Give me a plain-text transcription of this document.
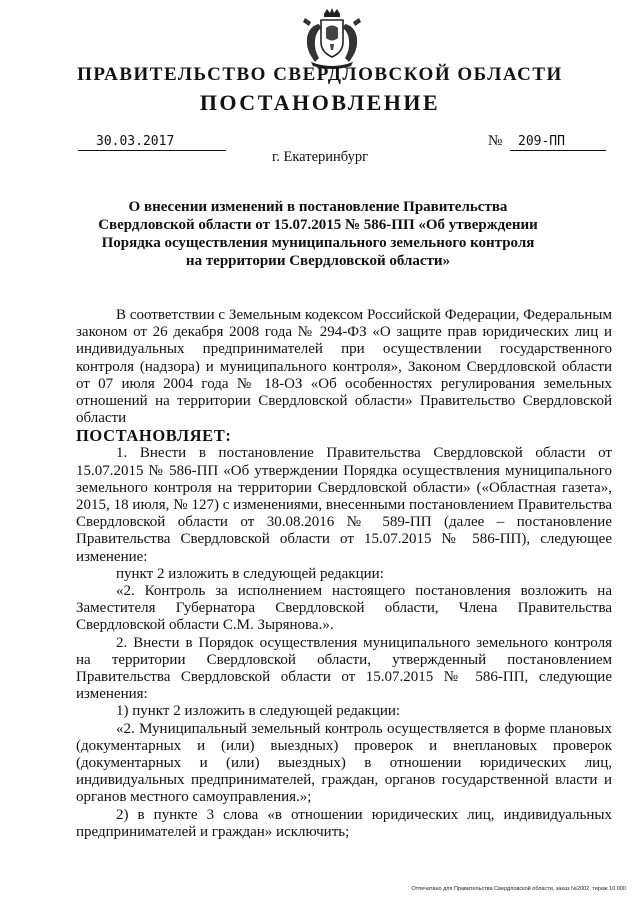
ПРАВИТЕЛЬСТВО СВЕРДЛОВСКОЙ ОБЛАСТИ
ПОСТАНОВЛЕНИЕ
30.03.2017	№	209-ПП
г. Екатеринбург
О внесении изменений в постановление Правительства Свердловской области от 15.07.2015 № 586-ПП «Об утверждении Порядка осуществления муниципального земельного контроля на территории Свердловской области»

В соответствии с Земельным кодексом Российской Федерации, Федеральным законом от 26 декабря 2008 года № 294-ФЗ «О защите прав юридических лиц и индивидуальных предпринимателей при осуществлении государственного контроля (надзора) и муниципального контроля», Законом Свердловской области от 07 июля 2004 года № 18-ОЗ «Об особенностях регулирования земельных отношений на территории Свердловской области» Правительство Свердловской области

ПОСТАНОВЛЯЕТ:

1. Внести в постановление Правительства Свердловской области от 15.07.2015 № 586-ПП «Об утверждении Порядка осуществления муниципального земельного контроля на территории Свердловской области» («Областная газета», 2015, 18 июля, № 127) с изменениями, внесенными постановлением Правительства Свердловской области от 30.08.2016 № 589-ПП (далее – постановление Правительства Свердловской области от 15.07.2015 № 586-ПП), следующее изменение:

пункт 2 изложить в следующей редакции:

«2. Контроль за исполнением настоящего постановления возложить на Заместителя Губернатора Свердловской области, Члена Правительства Свердловской области С.М. Зырянова.».

2. Внести в Порядок осуществления муниципального земельного контроля на территории Свердловской области, утвержденный постановлением Правительства Свердловской области от 15.07.2015 № 586-ПП, следующие изменения:

1) пункт 2 изложить в следующей редакции:

«2. Муниципальный земельный контроль осуществляется в форме плановых (документарных и (или) выездных) проверок и внеплановых проверок (документарных и (или) выездных) в отношении юридических лиц, индивидуальных предпринимателей, граждан, органов государственной власти и органов местного самоуправления.»;

2) в пункте 3 слова «в отношении юридических лиц, индивидуальных предпринимателей и граждан» исключить;

Отпечатано для Правительства Свердловской области, заказ №2002, тираж 10 000
